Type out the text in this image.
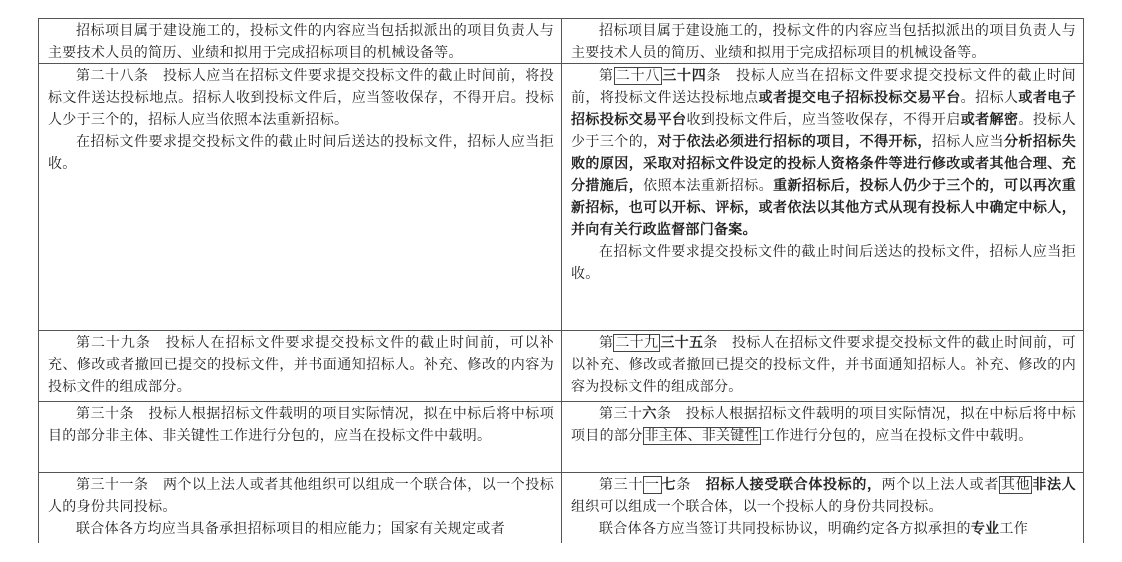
招标项目属于建设施工的，投标文件的内容应当包括拟派出的项目负责人与主要技术人员的简历、业绩和拟用于完成招标项目的机械设备等。

招标项目属于建设施工的，投标文件的内容应当包括拟派出的项目负责人与主要技术人员的简历、业绩和拟用于完成招标项目的机械设备等。

第二十八条　投标人应当在招标文件要求提交投标文件的截止时间前，将投标文件送达投标地点。招标人收到投标文件后，应当签收保存，不得开启。投标人少于三个的，招标人应当依照本法重新招标。

在招标文件要求提交投标文件的截止时间后送达的投标文件，招标人应当拒收。

第 二十八 三十四条　投标人应当在招标文件要求提交投标文件的截止时间前，将投标文件送达投标地点或者提交电子招标投标交易平台。招标人或者电子招标投标交易平台收到投标文件后，应当签收保存，不得开启或者解密。投标人少于三个的，对于依法必须进行招标的项目，不得开标，招标人应当分析招标失败的原因，采取对招标文件设定的投标人资格条件等进行修改或者其他合理、充分措施后，依照本法重新招标。重新招标后，投标人仍少于三个的，可以再次重新招标，也可以开标、评标，或者依法以其他方式从现有投标人中确定中标人，并向有关行政监督部门备案。

在招标文件要求提交投标文件的截止时间后送达的投标文件，招标人应当拒收。

第二十九条　投标人在招标文件要求提交投标文件的截止时间前，可以补充、修改或者撤回已提交的投标文件，并书面通知招标人。补充、修改的内容为投标文件的组成部分。

第 二十九 三十五条　投标人在招标文件要求提交投标文件的截止时间前，可以补充、修改或者撤回已提交的投标文件，并书面通知招标人。补充、修改的内容为投标文件的组成部分。

第三十条　投标人根据招标文件载明的项目实际情况，拟在中标后将中标项目的部分非主体、非关键性工作进行分包的，应当在投标文件中载明。

第三十六条　投标人根据招标文件载明的项目实际情况，拟在中标后将中标项目的部分 非主体、非关键性 工作进行分包的，应当在投标文件中载明。

第三十一条　两个以上法人或者其他组织可以组成一个联合体，以一个投标人的身份共同投标。

联合体各方均应当具备承担招标项目的相应能力；国家有关规定或者

第三十 一 七条　招标人接受联合体投标的，两个以上法人或者 其他 非法人组织可以组成一个联合体，以一个投标人的身份共同投标。

联合体各方应当签订共同投标协议，明确约定各方拟承担的专业工作
